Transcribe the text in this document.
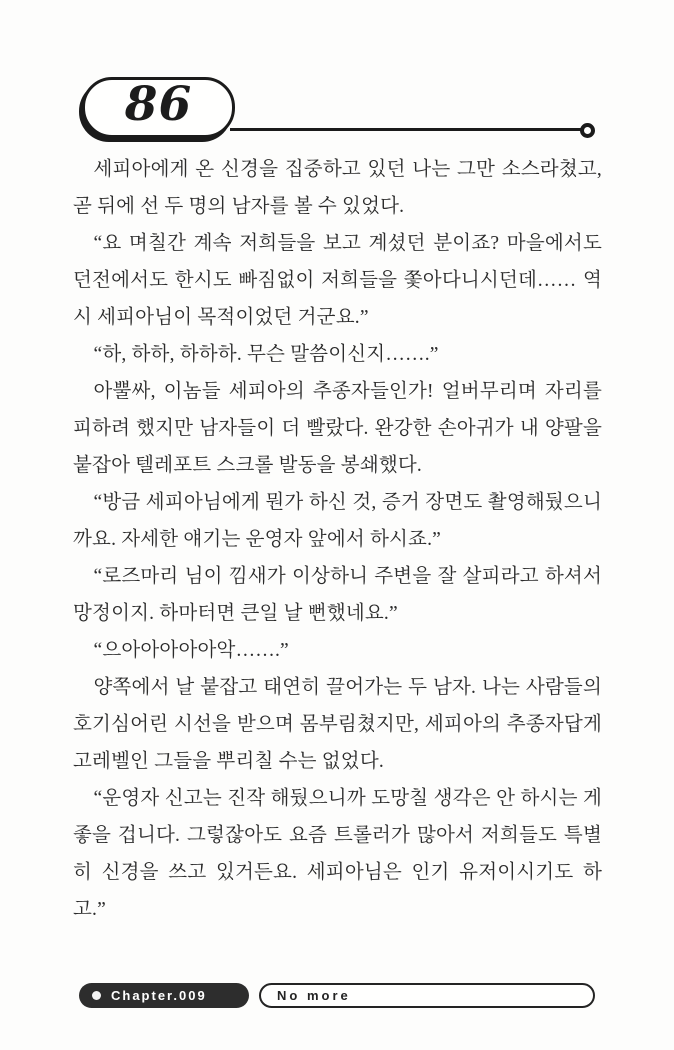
86

세피아에게 온 신경을 집중하고 있던 나는 그만 소스라쳤고, 곧 뒤에 선 두 명의 남자를 볼 수 있었다.

“요 며칠간 계속 저희들을 보고 계셨던 분이죠? 마을에서도 던전에서도 한시도 빠짐없이 저희들을 쫓아다니시던데…… 역시 세피아님이 목적이었던 거군요.”

“하, 하하, 하하하. 무슨 말씀이신지…….”

아뿔싸, 이놈들 세피아의 추종자들인가! 얼버무리며 자리를 피하려 했지만 남자들이 더 빨랐다. 완강한 손아귀가 내 양팔을 붙잡아 텔레포트 스크롤 발동을 봉쇄했다.

“방금 세피아님에게 뭔가 하신 것, 증거 장면도 촬영해뒀으니까요. 자세한 얘기는 운영자 앞에서 하시죠.”

“로즈마리 님이 낌새가 이상하니 주변을 잘 살피라고 하셔서 망정이지. 하마터면 큰일 날 뻔했네요.”

“으아아아아아악…….”

양쪽에서 날 붙잡고 태연히 끌어가는 두 남자. 나는 사람들의 호기심어린 시선을 받으며 몸부림쳤지만, 세피아의 추종자답게 고레벨인 그들을 뿌리칠 수는 없었다.

“운영자 신고는 진작 해뒀으니까 도망칠 생각은 안 하시는 게 좋을 겁니다. 그렇잖아도 요즘 트롤러가 많아서 저희들도 특별히 신경을 쓰고 있거든요. 세피아님은 인기 유저이시기도 하고.”

Chapter.009	No more
